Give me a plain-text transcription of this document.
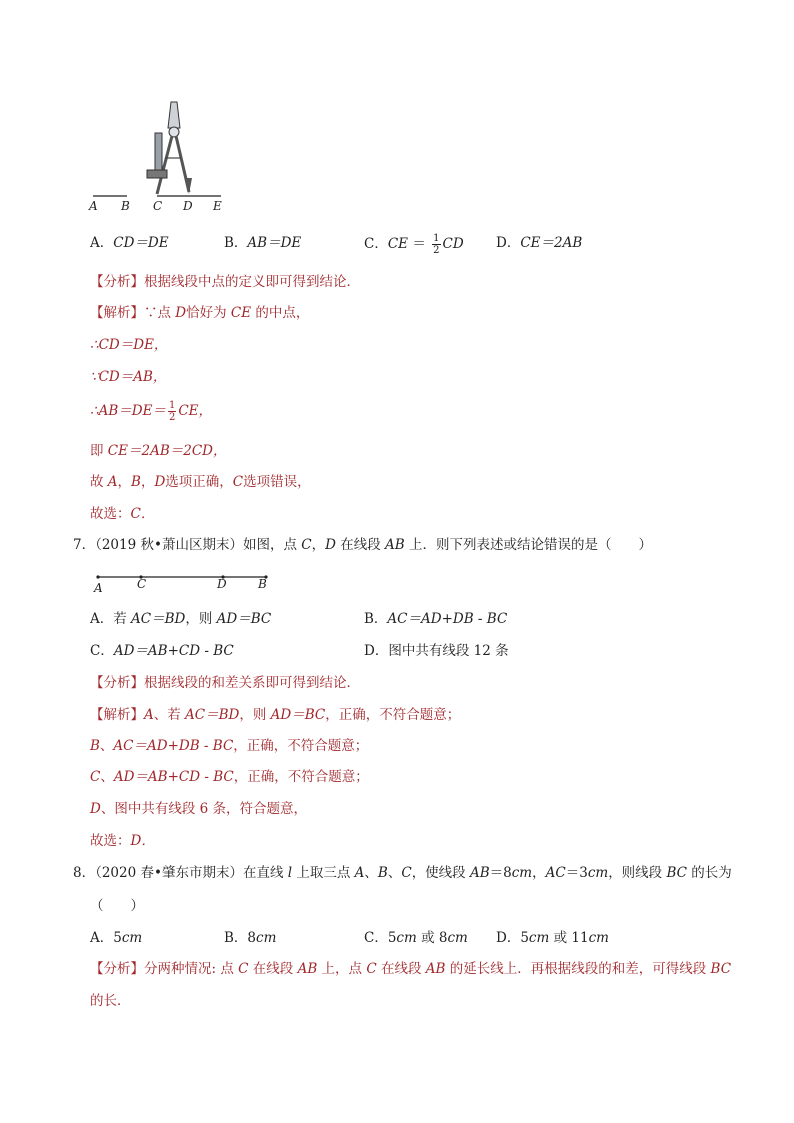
A B C D E
A．CD＝DE	B．AB＝DE	C．CE ＝ $\frac{1}{2}$ CD D．CE＝2AB
【分析】根据线段中点的定义即可得到结论．
【解析】∵点 D恰好为 CE 的中点，
∴CD＝DE，
∵CD＝AB，
∴AB＝DE＝ $\frac{1}{2}$ CE，
即 CE＝2AB＝2CD，
故 A，B，D选项正确，C选项错误，
故选：C．
7．（2019 秋•萧山区期末）如图，点 C，D 在线段 AB 上．则下列表述或结论错误的是（　　）
A	C	D	B
A．若 AC＝BD，则 AD＝BC	B．AC＝AD+DB - BC
C．AD＝AB+CD - BC	D．图中共有线段 12 条
【分析】根据线段的和差关系即可得到结论．
【解析】A、若 AC＝BD，则 AD＝BC，正确，不符合题意；
B、AC＝AD+DB - BC，正确，不符合题意；
C、AD＝AB+CD - BC，正确，不符合题意；
D、图中共有线段 6 条，符合题意，
故选：D．
8．（2020 春•肇东市期末）在直线 l 上取三点 A、B、C，使线段 AB＝8cm，AC＝3cm，则线段 BC 的长为
（　　）
A．5cm	B．8cm	C．5cm 或 8cm D．5cm 或 11cm
【分析】分两种情况: 点 C 在线段 AB 上，点 C 在线段 AB 的延长线上．再根据线段的和差，可得线段 BC
的长．
